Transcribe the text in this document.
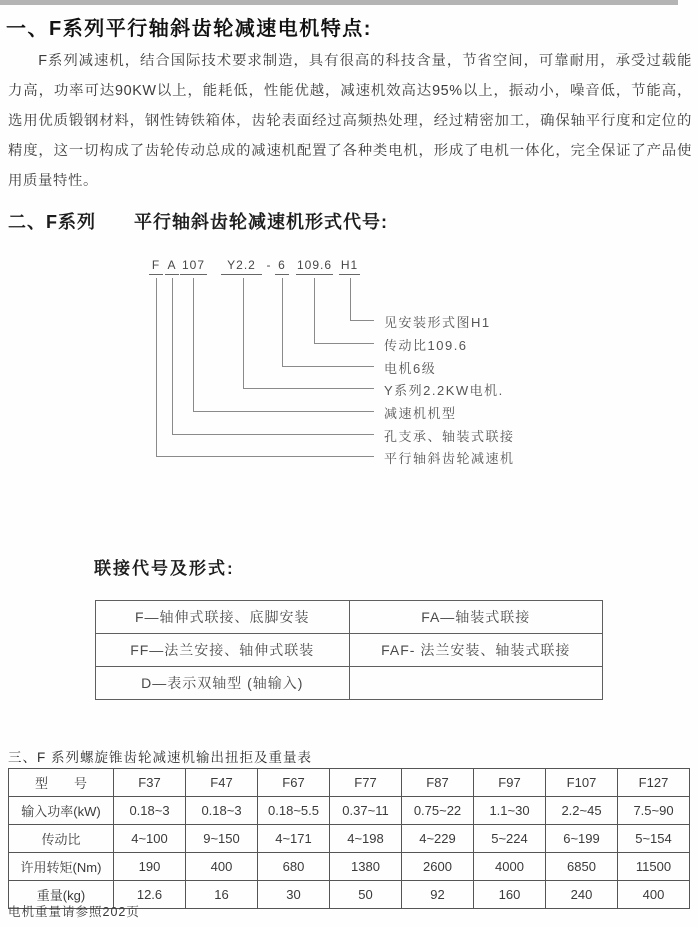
一、F系列平行轴斜齿轮减速电机特点:
F系列减速机，结合国际技术要求制造，具有很高的科技含量，节省空间，可靠耐用，承受过载能力高，功率可达90KW以上，能耗低，性能优越，减速机效高达95%以上，振动小，噪音低，节能高，选用优质锻钢材料，钢性铸铁箱体，齿轮表面经过高频热处理，经过精密加工，确保轴平行度和定位的精度，这一切构成了齿轮传动总成的减速机配置了各种类电机，形成了电机一体化，完全保证了产品使用质量特性。
二、F系列　　平行轴斜齿轮减速机形式代号:
F A 107	Y2.2 - 6 109.6 H1
见安装形式图H1
传动比109.6
电机6级
Y系列2.2KW电机.
减速机机型
孔支承、轴装式联接
平行轴斜齿轮减速机
联接代号及形式:
F—轴伸式联接、底脚安装	FA—轴装式联接
FF—法兰安接、轴伸式联装	FAF- 法兰安装、轴装式联接
D—表示双轴型 (轴输入)	
三、F 系列螺旋锥齿轮减速机输出扭拒及重量表
型　　号	F37	F47	F67	F77	F87	F97	F107	F127
输入功率(kW)	0.18~3	0.18~3	0.18~5.5	0.37~11	0.75~22	1.1~30	2.2~45	7.5~90
传动比	4~100	9~150	4~171	4~198	4~229	5~224	6~199	5~154
许用转矩(Nm)	190	400	680	1380	2600	4000	6850	11500
重量(kg)	12.6	16	30	50	92	160	240	400
电机重量请参照202页
